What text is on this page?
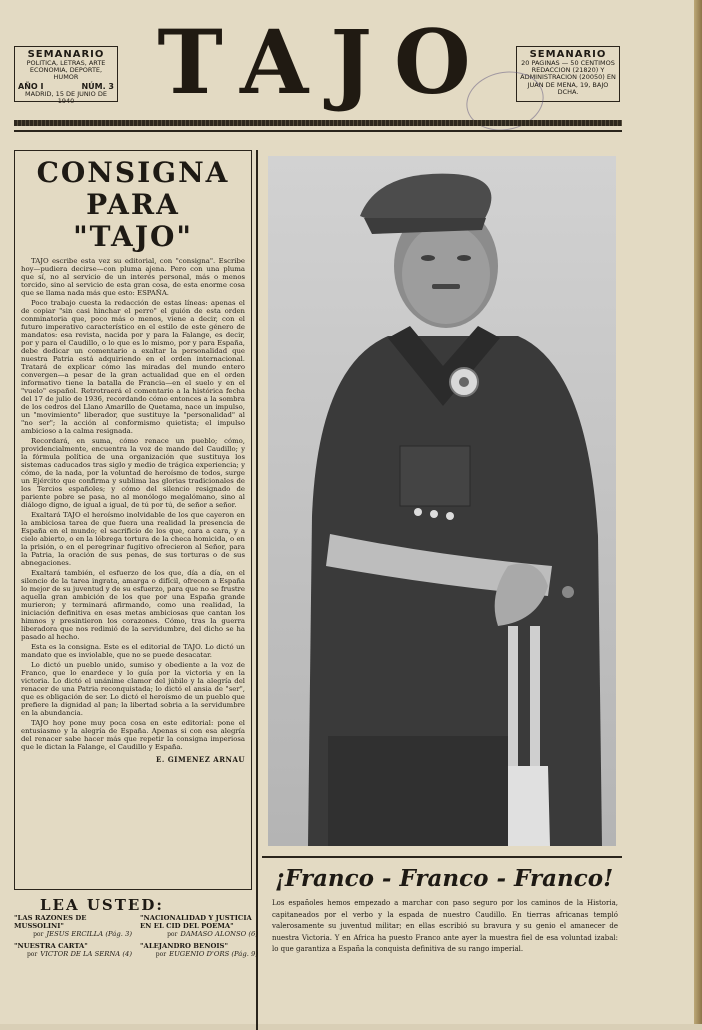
SEMANARIO
POLITICA, LETRAS, ARTE ECONOMIA, DEPORTE, HUMOR
AÑO I	NÚM. 3
MADRID, 15 DE JUNIO DE 1940 TAJO	SEMANARIO
20 PAGINAS — 50 CENTIMOS REDACCION (21820) Y ADMINISTRACION (20050) EN JUAN DE MENA, 19, BAJO DCHA.
CONSIGNA
PARA "TAJO"

TAJO escribe esta vez su editorial, con "consigna". Escribe hoy—pudiera decirse—con pluma ajena. Pero con una pluma que sí, no al servicio de un interés personal, más o menos torcido, sino al servicio de esta gran cosa, de esta enorme cosa que se llama nada más que esto: ESPAÑA.

Poco trabajo cuesta la redacción de estas líneas: apenas el de copiar "sin casi hinchar el perro" el guión de esta orden conminatoria que, poco más o menos, viene a decir, con el futuro imperativo característico en el estilo de este género de mandatos: esa revista, nacida por y para la Falange, es decir, por y para el Caudillo, o lo que es lo mismo, por y para España, debe dedicar un comentario a exaltar la personalidad que nuestra Patria está adquiriendo en el orden internacional. Tratará de explicar cómo las miradas del mundo entero convergen—a pesar de la gran actualidad que en el orden informativo tiene la batalla de Francia—en el suelo y en el "vuelo" español. Retrotraerá el comentario a la histórica fecha del 17 de julio de 1936, recordando cómo entonces a la sombra de los cedros del Llano Amarillo de Quetama, nace un impulso, un "movimiento" liberador, que sustituye la "personalidad" al "no ser"; la acción al conformismo quietista; el impulso ambicioso a la calma resignada.

Recordará, en suma, cómo renace un pueblo; cómo, providencialmente, encuentra la voz de mando del Caudillo; y la fórmula política de una organización que sustituya los sistemas caducados tras siglo y medio de trágica experiencia; y cómo, de la nada, por la voluntad de heroísmo de todos, surge un Ejército que confirma y sublima las glorias tradicionales de los Tercios españoles; y cómo del silencio resignado de pariente pobre se pasa, no al monólogo megalómano, sino al diálogo digno, de igual a igual, de tú por tú, de señor a señor.

Exaltará TAJO el heroísmo inolvidable de los que cayeron en la ambiciosa tarea de que fuera una realidad la presencia de España en el mundo; el sacrificio de los que, cara a cara, y a cielo abierto, o en la lóbrega tortura de la checa homicida, o en la prisión, o en el peregrinar fugitivo ofrecieron al Señor, para la Patria, la oración de sus penas, de sus torturas o de sus abnegaciones.

Exaltará también, el esfuerzo de los que, día a día, en el silencio de la tarea ingrata, amarga o difícil, ofrecen a España lo mejor de su juventud y de su esfuerzo, para que no se frustre aquella gran ambición de los que por una España grande murieron; y terminará afirmando, como una realidad, la iniciación definitiva en esas metas ambiciosas que cantan los himnos y presintieron los corazones. Cómo, tras la guerra liberadora que nos redimió de la servidumbre, del dicho se ha pasado al hecho.

Esta es la consigna. Este es el editorial de TAJO. Lo dictó un mandato que es inviolable, que no se puede desacatar.

Lo dictó un pueblo unido, sumiso y obediente a la voz de Franco, que lo enardece y lo guía por la victoria y en la victoria. Lo dictó el unánime clamor del júbilo y la alegría del renacer de una Patria reconquistada; lo dictó el ansia de "ser", que es obligación de ser. Lo dictó el heroísmo de un pueblo que prefiere la dignidad al pan; la libertad sobria a la servidumbre en la abundancia.

TAJO hoy pone muy poca cosa en este editorial: pone el entusiasmo y la alegría de España. Apenas si con esa alegría del renacer sabe hacer más que repetir la consigna imperiosa que le dictan la Falange, el Caudillo y España.

E. GIMENEZ ARNAU
¡Franco - Franco - Franco!
Los españoles hemos empezado a marchar con paso seguro por los caminos de la Historia, capitaneados por el verbo y la espada de nuestro Caudillo. En tierras africanas templó valerosamente su juventud militar; en ellas escribió su bravura y su genio el amanecer de nuestra Victoria. Y en Africa ha puesto Franco ante ayer la muestra fiel de esa voluntad izabal: lo que garantiza a España la conquista definitiva de su rango imperial.
LEA USTED:
"LAS RAZONES DE MUSSOLINI"
por JESUS ERCILLA (Pág. 3)
"NUESTRA CARTA"
por VICTOR DE LA SERNA (4)
"NACIONALIDAD Y JUSTICIA EN EL CID DEL POEMA"
por DAMASO ALONSO (6)
"ALEJANDRO BENOIS"
por EUGENIO D'ORS (Pág. 9)
